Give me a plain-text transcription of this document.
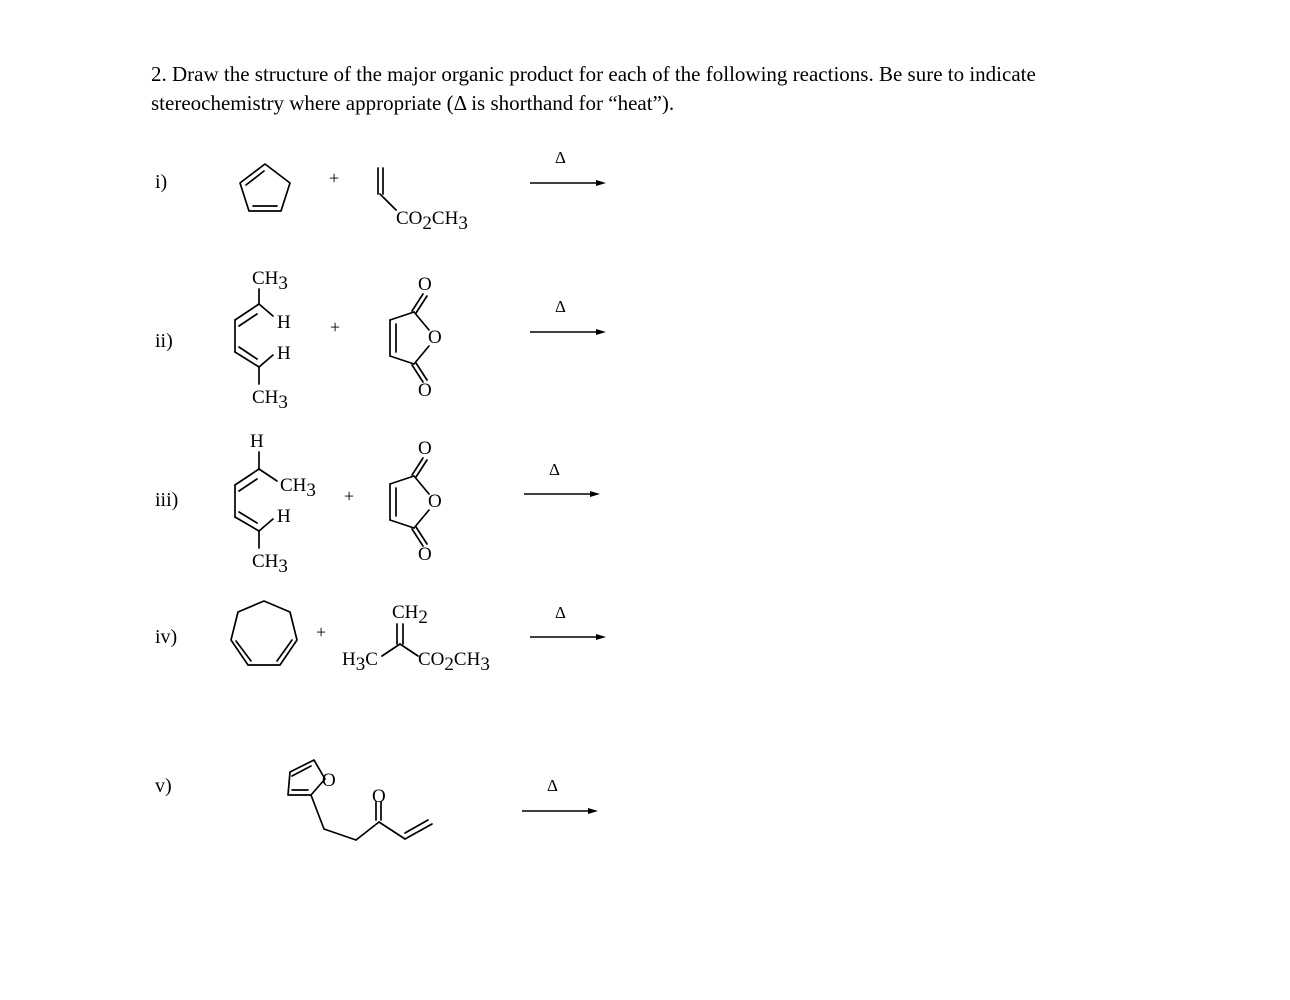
2. Draw the structure of the major organic product for each of the following reactions. Be sure to indicate
stereochemistry where appropriate (Δ is shorthand for “heat”).
i)	+
CO2CH3
Δ
ii)
CH3
H
H
CH3
+
O
O
O
Δ
iii)
H
CH3
H
CH3
+
O
O
O
Δ
iv)	+
CH2
H3C CO2CH3
Δ
v)	O
O
Δ
